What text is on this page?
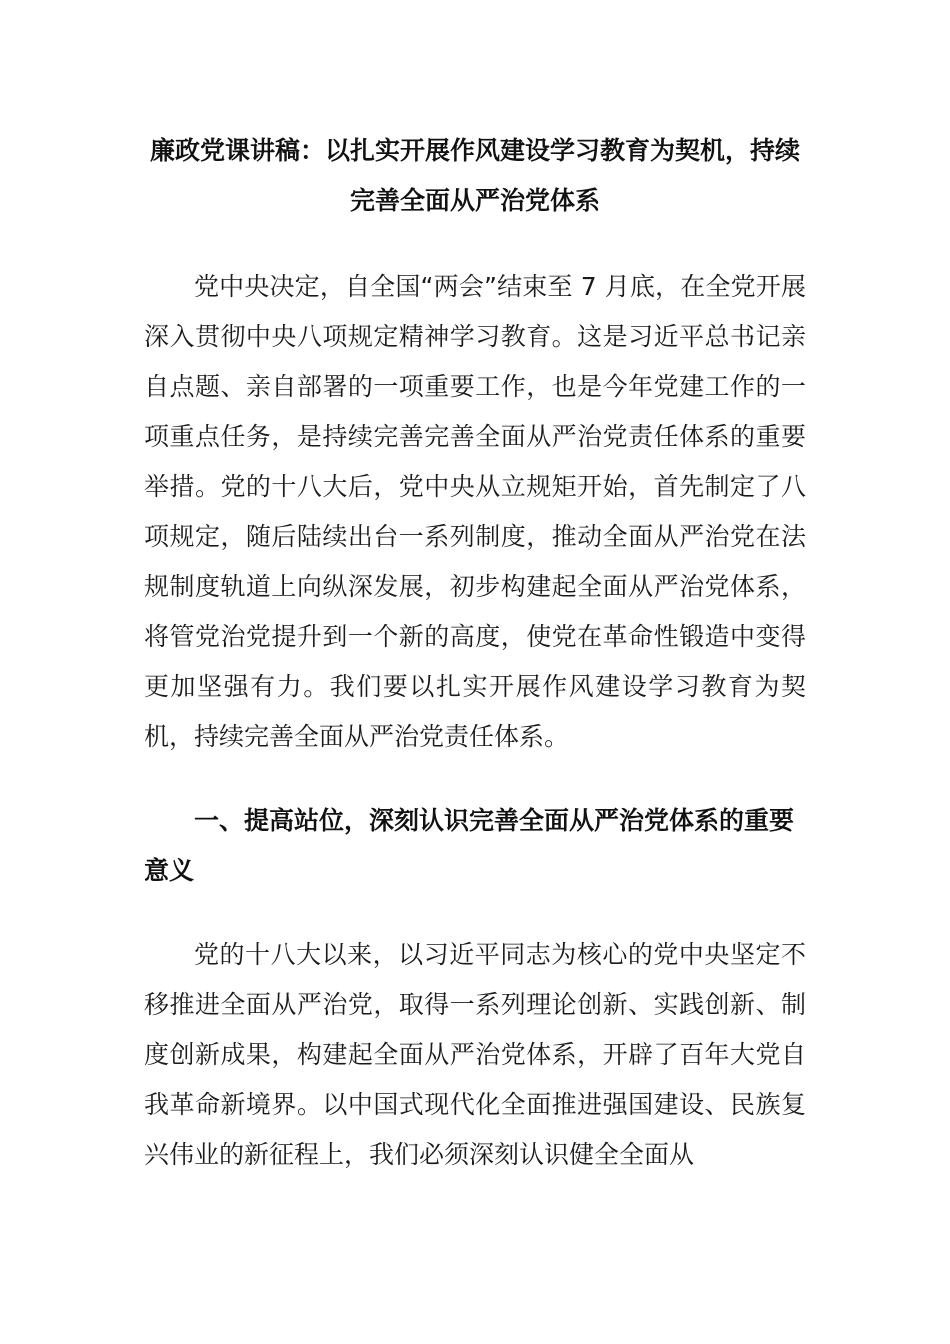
廉政党课讲稿：以扎实开展作风建设学习教育为契机，持续完善全面从严治党体系

党中央决定，自全国“两会”结束至 7 月底，在全党开展深入贯彻中央八项规定精神学习教育。这是习近平总书记亲自点题、亲自部署的一项重要工作，也是今年党建工作的一项重点任务，是持续完善完善全面从严治党责任体系的重要举措。党的十八大后，党中央从立规矩开始，首先制定了八项规定，随后陆续出台一系列制度，推动全面从严治党在法规制度轨道上向纵深发展，初步构建起全面从严治党体系，将管党治党提升到一个新的高度，使党在革命性锻造中变得更加坚强有力。我们要以扎实开展作风建设学习教育为契机，持续完善全面从严治党责任体系。

一、提高站位，深刻认识完善全面从严治党体系的重要意义

党的十八大以来，以习近平同志为核心的党中央坚定不移推进全面从严治党，取得一系列理论创新、实践创新、制度创新成果，构建起全面从严治党体系，开辟了百年大党自我革命新境界。以中国式现代化全面推进强国建设、民族复兴伟业的新征程上，我们必须深刻认识健全全面从
